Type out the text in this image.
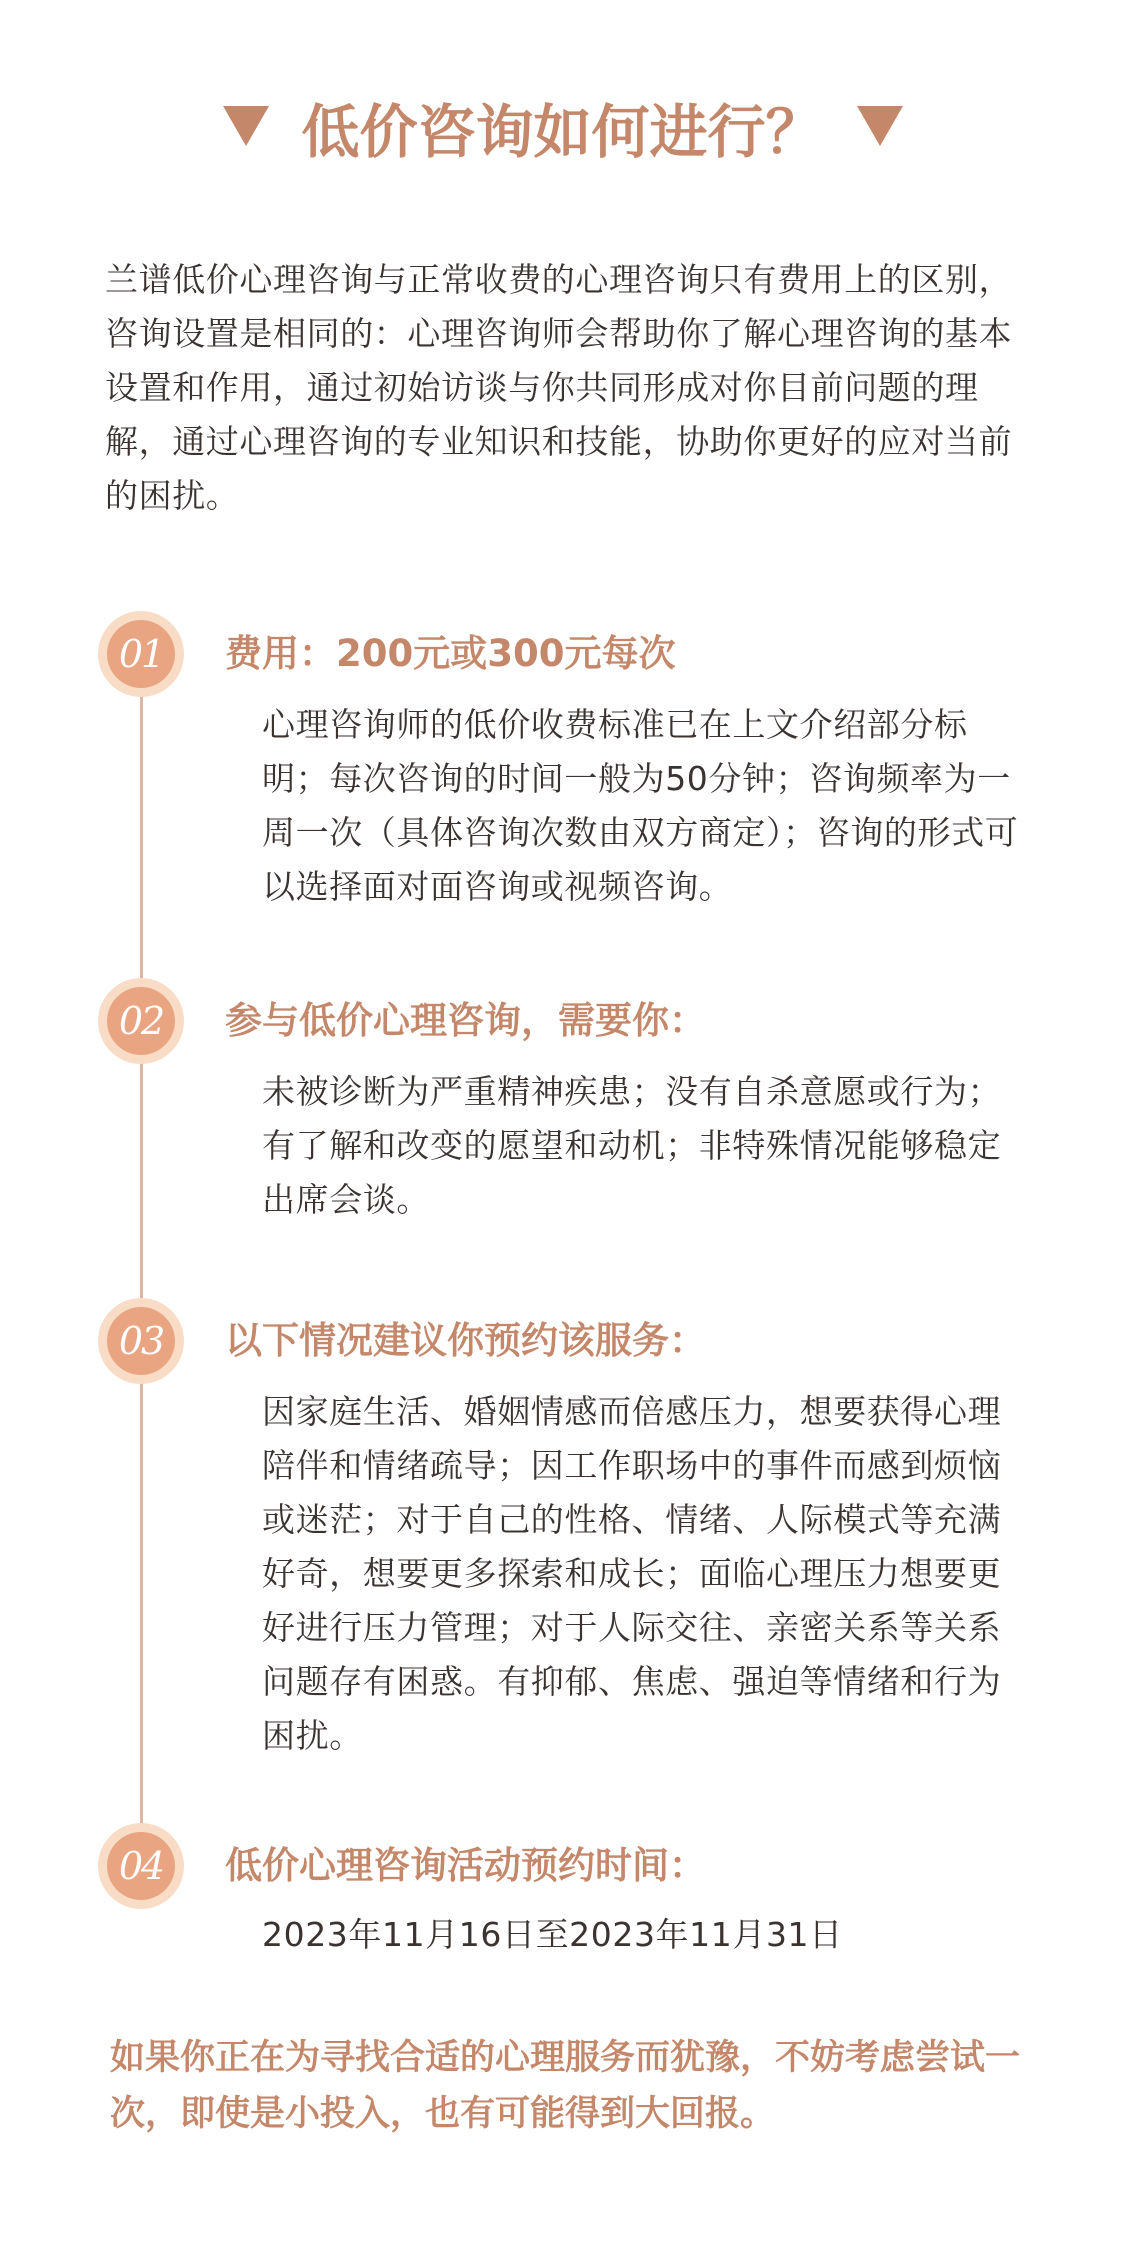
低价咨询如何进行？

兰谱低价心理咨询与正常收费的心理咨询只有费用上的区别，咨询设置是相同的：心理咨询师会帮助你了解心理咨询的基本设置和作用，通过初始访谈与你共同形成对你目前问题的理解，通过心理咨询的专业知识和技能，协助你更好的应对当前的困扰。

01	费用：200元或300元每次

心理咨询师的低价收费标准已在上文介绍部分标明；每次咨询的时间一般为50分钟；咨询频率为一周一次（具体咨询次数由双方商定）；咨询的形式可以选择面对面咨询或视频咨询。

02	参与低价心理咨询，需要你：

未被诊断为严重精神疾患；没有自杀意愿或行为；有了解和改变的愿望和动机；非特殊情况能够稳定出席会谈。

03	以下情况建议你预约该服务：

因家庭生活、婚姻情感而倍感压力，想要获得心理陪伴和情绪疏导；因工作职场中的事件而感到烦恼或迷茫；对于自己的性格、情绪、人际模式等充满好奇，想要更多探索和成长；面临心理压力想要更好进行压力管理；对于人际交往、亲密关系等关系问题存有困惑。有抑郁、焦虑、强迫等情绪和行为困扰。

04	低价心理咨询活动预约时间：

2023年11月16日至2023年11月31日

如果你正在为寻找合适的心理服务而犹豫，不妨考虑尝试一次，即使是小投入，也有可能得到大回报。
